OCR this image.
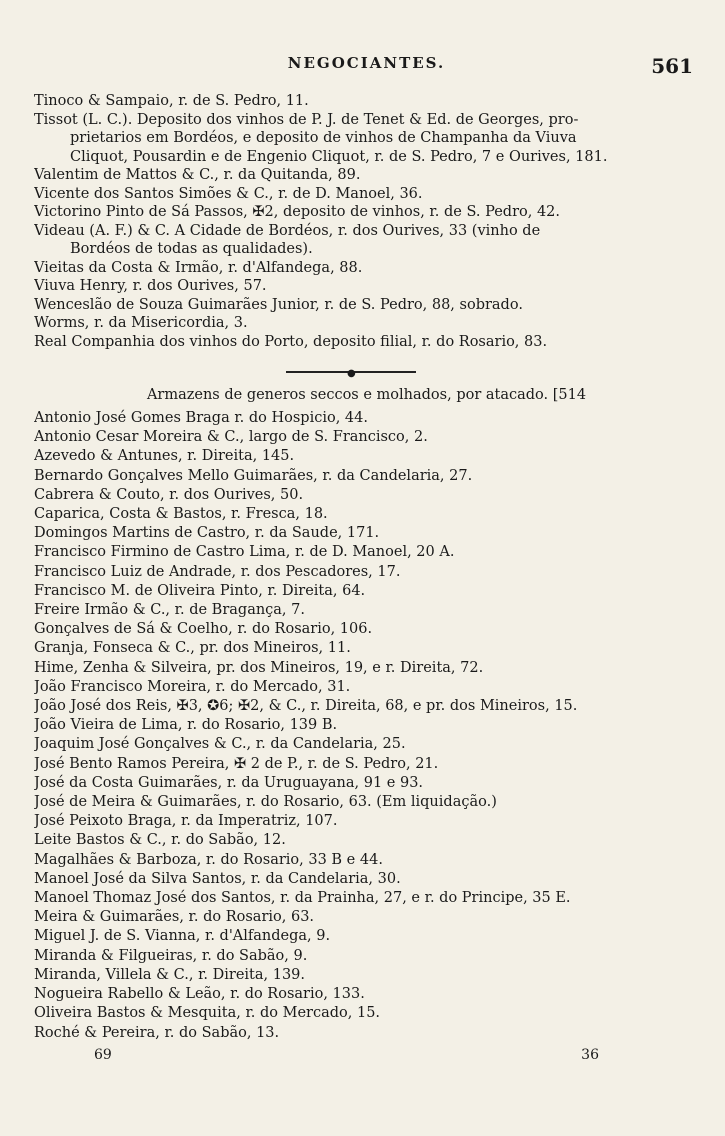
NEGOCIANTES.	561
Tinoco & Sampaio, r. de S. Pedro, 11.
Tissot (L. C.). Deposito dos vinhos de P. J. de Tenet & Ed. de Georges, pro-
prietarios em Bordéos, e deposito de vinhos de Champanha da Viuva
Cliquot, Pousardin e de Engenio Cliquot, r. de S. Pedro, 7 e Ourives, 181.
Valentim de Mattos & C., r. da Quitanda, 89.
Vicente dos Santos Simões & C., r. de D. Manoel, 36.
Victorino Pinto de Sá Passos, ✠2, deposito de vinhos, r. de S. Pedro, 42.
Videau (A. F.) & C. A Cidade de Bordéos, r. dos Ourives, 33 (vinho de
Bordéos de todas as qualidades).
Vieitas da Costa & Irmão, r. d'Alfandega, 88.
Viuva Henry, r. dos Ourives, 57.
Wenceslão de Souza Guimarães Junior, r. de S. Pedro, 88, sobrado.
Worms, r. da Misericordia, 3.
Real Companhia dos vinhos do Porto, deposito filial, r. do Rosario, 83.
●
Armazens de generos seccos e molhados, por atacado. [514
Antonio José Gomes Braga r. do Hospicio, 44.
Antonio Cesar Moreira & C., largo de S. Francisco, 2.
Azevedo & Antunes, r. Direita, 145.
Bernardo Gonçalves Mello Guimarães, r. da Candelaria, 27.
Cabrera & Couto, r. dos Ourives, 50.
Caparica, Costa & Bastos, r. Fresca, 18.
Domingos Martins de Castro, r. da Saude, 171.
Francisco Firmino de Castro Lima, r. de D. Manoel, 20 A.
Francisco Luiz de Andrade, r. dos Pescadores, 17.
Francisco M. de Oliveira Pinto, r. Direita, 64.
Freire Irmão & C., r. de Bragança, 7.
Gonçalves de Sá & Coelho, r. do Rosario, 106.
Granja, Fonseca & C., pr. dos Mineiros, 11.
Hime, Zenha & Silveira, pr. dos Mineiros, 19, e r. Direita, 72.
João Francisco Moreira, r. do Mercado, 31.
João José dos Reis, ✠3, ✪6; ✠2, & C., r. Direita, 68, e pr. dos Mineiros, 15.
João Vieira de Lima, r. do Rosario, 139 B.
Joaquim José Gonçalves & C., r. da Candelaria, 25.
José Bento Ramos Pereira, ✠ 2 de P., r. de S. Pedro, 21.
José da Costa Guimarães, r. da Uruguayana, 91 e 93.
José de Meira & Guimarães, r. do Rosario, 63. (Em liquidação.)
José Peixoto Braga, r. da Imperatriz, 107.
Leite Bastos & C., r. do Sabão, 12.
Magalhães & Barboza, r. do Rosario, 33 B e 44.
Manoel José da Silva Santos, r. da Candelaria, 30.
Manoel Thomaz José dos Santos, r. da Prainha, 27, e r. do Principe, 35 E.
Meira & Guimarães, r. do Rosario, 63.
Miguel J. de S. Vianna, r. d'Alfandega, 9.
Miranda & Filgueiras, r. do Sabão, 9.
Miranda, Villela & C., r. Direita, 139.
Nogueira Rabello & Leão, r. do Rosario, 133.
Oliveira Bastos & Mesquita, r. do Mercado, 15.
Roché & Pereira, r. do Sabão, 13.
69	36
